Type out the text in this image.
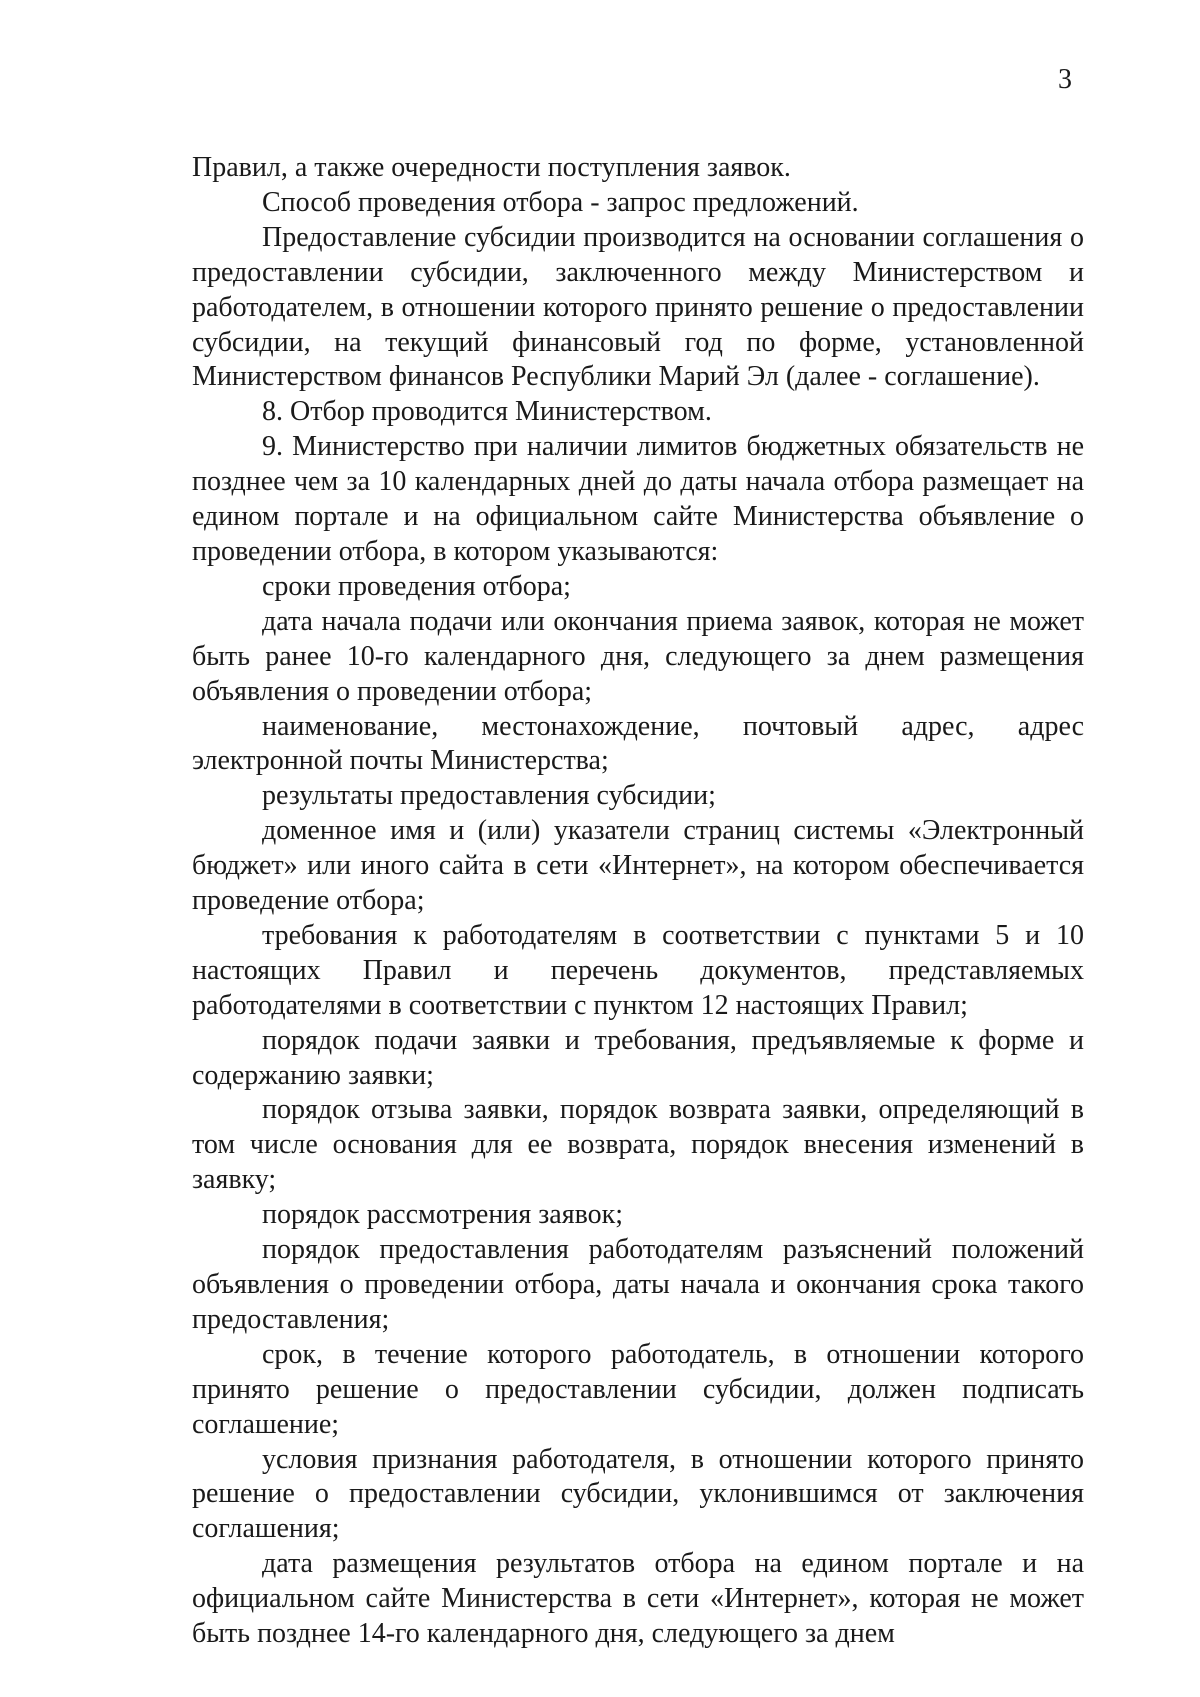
3

Правил, а также очередности поступления заявок.

Способ проведения отбора - запрос предложений.

Предоставление субсидии производится на основании соглашения о предоставлении субсидии, заключенного между Министерством и работодателем, в отношении которого принято решение о предоставлении субсидии, на текущий финансовый год по форме, установленной Министерством финансов Республики Марий Эл (далее - соглашение).

8. Отбор проводится Министерством.

9. Министерство при наличии лимитов бюджетных обязательств не позднее чем за 10 календарных дней до даты начала отбора размещает на едином портале и на официальном сайте Министерства объявление о проведении отбора, в котором указываются:

сроки проведения отбора;

дата начала подачи или окончания приема заявок, которая не может быть ранее 10-го календарного дня, следующего за днем размещения объявления о проведении отбора;

наименование, местонахождение, почтовый адрес, адрес электронной почты Министерства;

результаты предоставления субсидии;

доменное имя и (или) указатели страниц системы «Электронный бюджет» или иного сайта в сети «Интернет», на котором обеспечивается проведение отбора;

требования к работодателям в соответствии с пунктами 5 и 10 настоящих Правил и перечень документов, представляемых работодателями в соответствии с пунктом 12 настоящих Правил;

порядок подачи заявки и требования, предъявляемые к форме и содержанию заявки;

порядок отзыва заявки, порядок возврата заявки, определяющий в том числе основания для ее возврата, порядок внесения изменений в заявку;

порядок рассмотрения заявок;

порядок предоставления работодателям разъяснений положений объявления о проведении отбора, даты начала и окончания срока такого предоставления;

срок, в течение которого работодатель, в отношении которого принято решение о предоставлении субсидии, должен подписать соглашение;

условия признания работодателя, в отношении которого принято решение о предоставлении субсидии, уклонившимся от заключения соглашения;

дата размещения результатов отбора на едином портале и на официальном сайте Министерства в сети «Интернет», которая не может быть позднее 14-го календарного дня, следующего за днем
